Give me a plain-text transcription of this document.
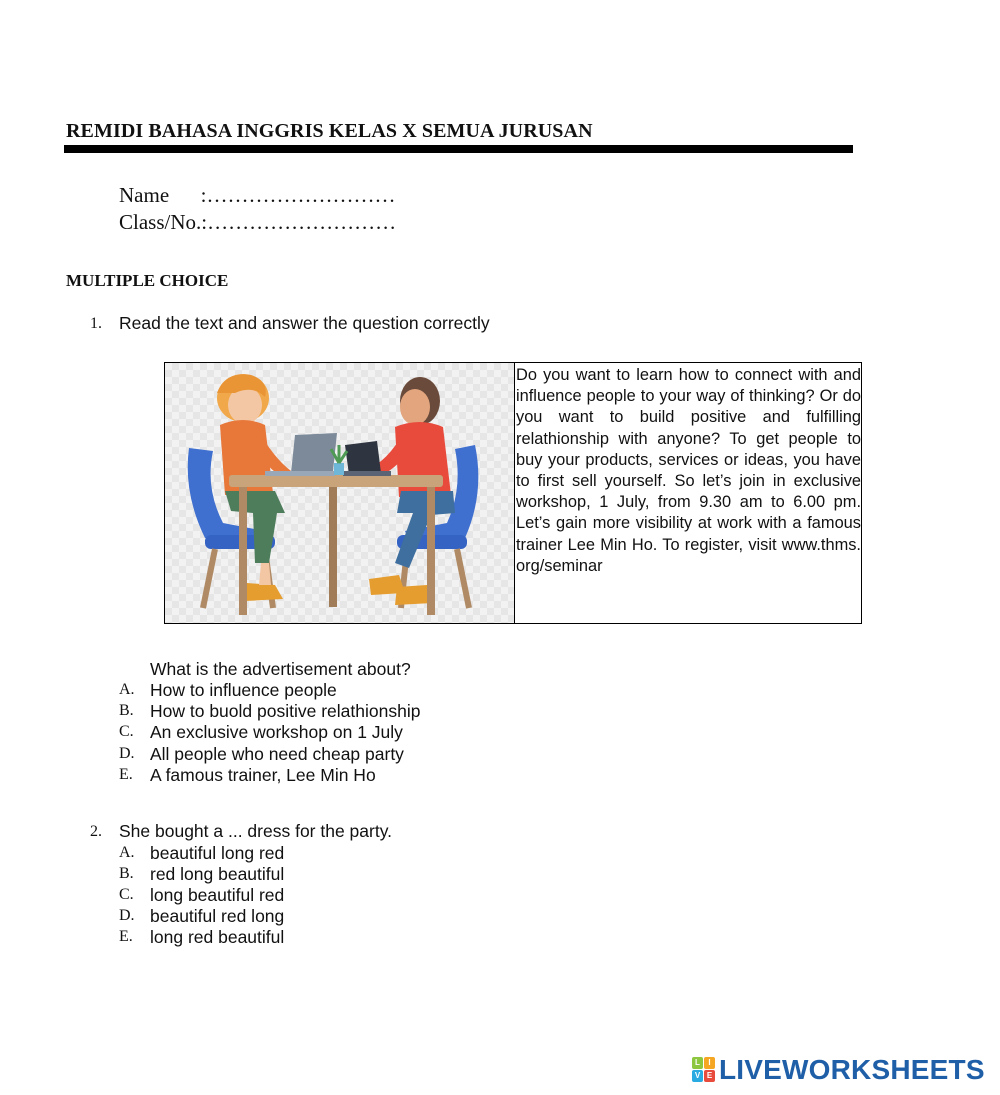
REMIDI BAHASA INGGRIS KELAS X SEMUA JURUSAN
Name      :………………………
Class/No.:………………………
MULTIPLE CHOICE
1. Read the text and answer the question correctly
Do you want to learn how to connect with and influence people to your way of thinking? Or do you want to build positive and fulfilling relathionship with anyone? To get people to buy your products, services or ideas, you have to first sell yourself. So let’s join in exclusive workshop, 1 July, from 9.30 am to 6.00 pm. Let’s gain more visibility at work with a famous trainer Lee Min Ho. To register, visit www.thms. org/seminar
What is the advertisement about?
A. How to influence people
B. How to buold positive relathionship
C. An exclusive workshop on 1 July
D. All people who need cheap party
E. A famous trainer, Lee Min Ho
2. She bought a ... dress for the party.
A. beautiful long red
B. red long beautiful
C. long beautiful red
D. beautiful red long
E. long red beautiful
L	I
V E LIVEWORKSHEETS
